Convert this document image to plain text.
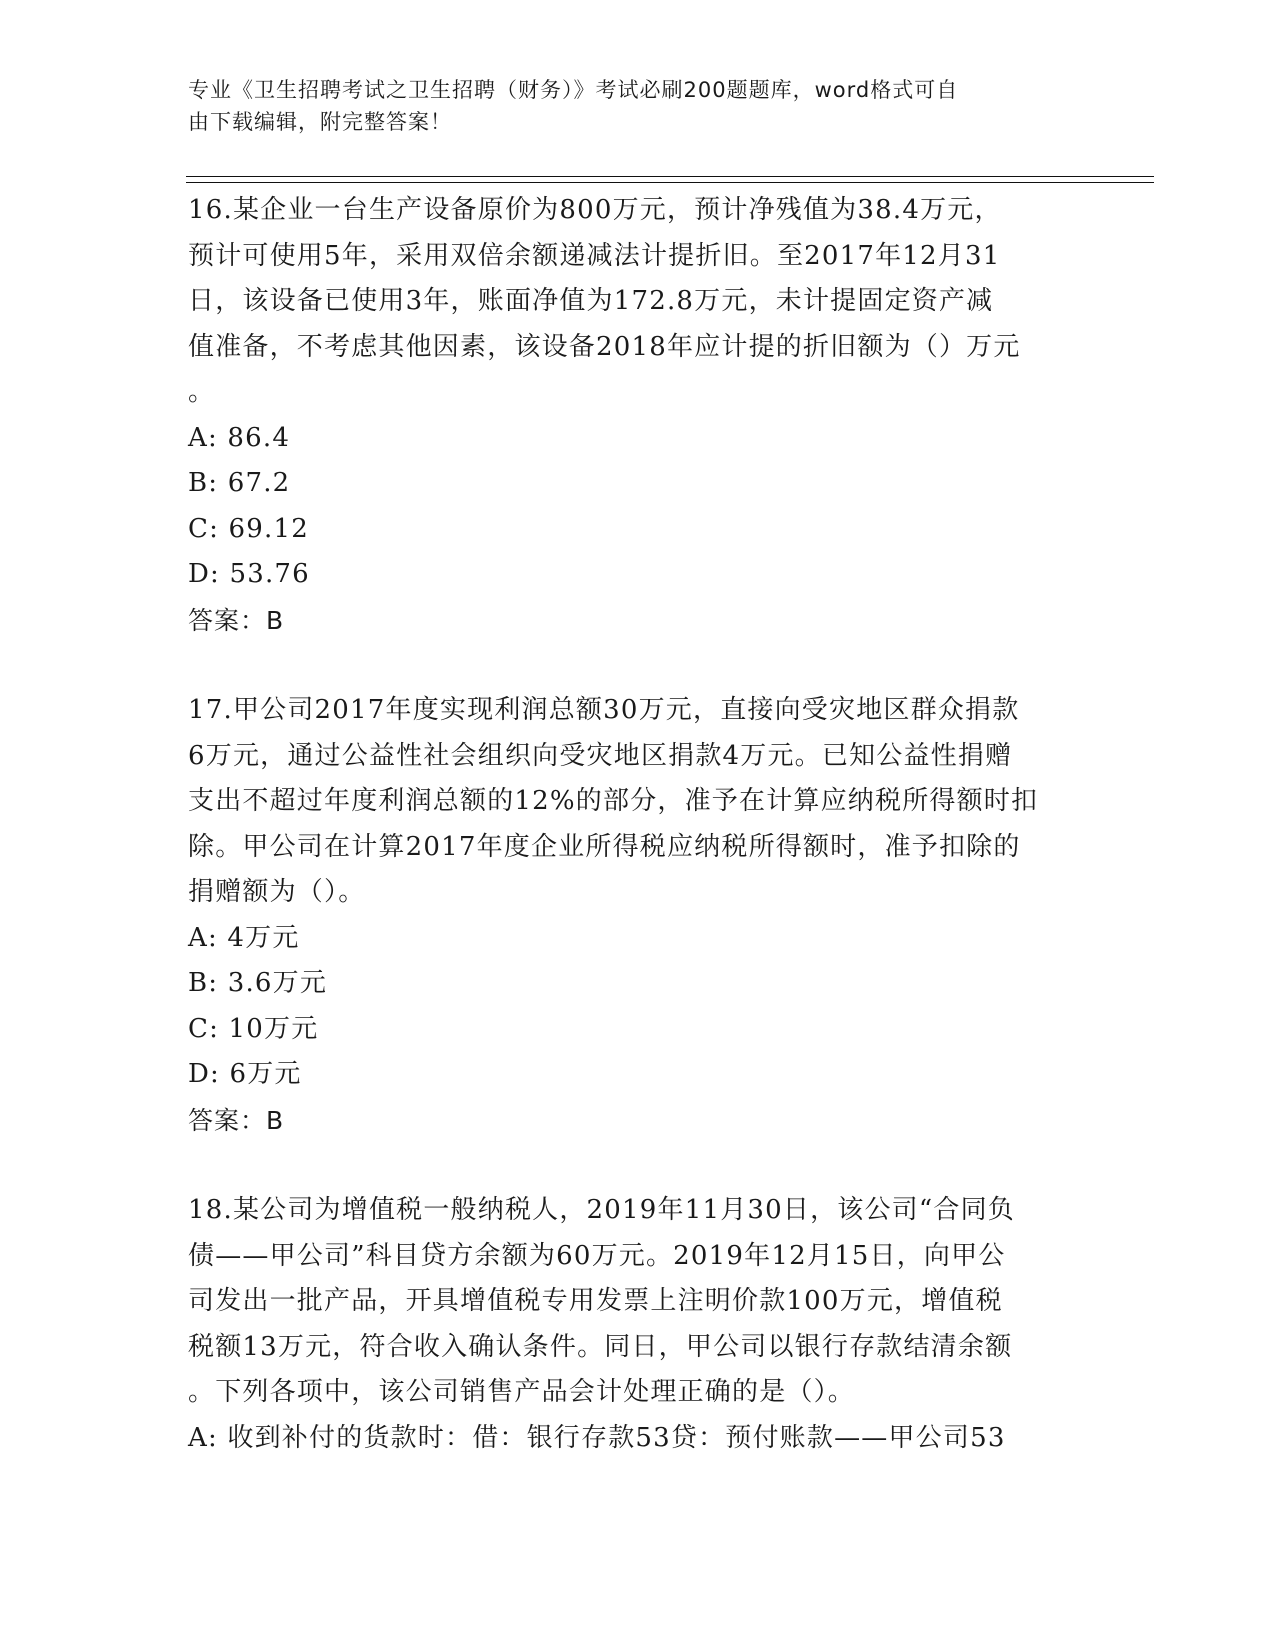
专业《卫生招聘考试之卫生招聘（财务）》考试必刷200题题库，word格式可自
由下载编辑，附完整答案！
16.某企业一台生产设备原价为800万元，预计净残值为38.4万元，
预计可使用5年，采用双倍余额递减法计提折旧。至2017年12月31
日，该设备已使用3年，账面净值为172.8万元，未计提固定资产减
值准备，不考虑其他因素，该设备2018年应计提的折旧额为（）万元
。
A: 86.4
B: 67.2
C: 69.12
D: 53.76
答案：B
17.甲公司2017年度实现利润总额30万元，直接向受灾地区群众捐款
6万元，通过公益性社会组织向受灾地区捐款4万元。已知公益性捐赠
支出不超过年度利润总额的12%的部分，准予在计算应纳税所得额时扣
除。甲公司在计算2017年度企业所得税应纳税所得额时，准予扣除的
捐赠额为（）。
A: 4万元
B: 3.6万元
C: 10万元
D: 6万元
答案：B
18.某公司为增值税一般纳税人，2019年11月30日，该公司“合同负
债——甲公司”科目贷方余额为60万元。2019年12月15日，向甲公
司发出一批产品，开具增值税专用发票上注明价款100万元，增值税
税额13万元，符合收入确认条件。同日，甲公司以银行存款结清余额
。下列各项中，该公司销售产品会计处理正确的是（）。
A: 收到补付的货款时：借：银行存款53贷：预付账款——甲公司53
